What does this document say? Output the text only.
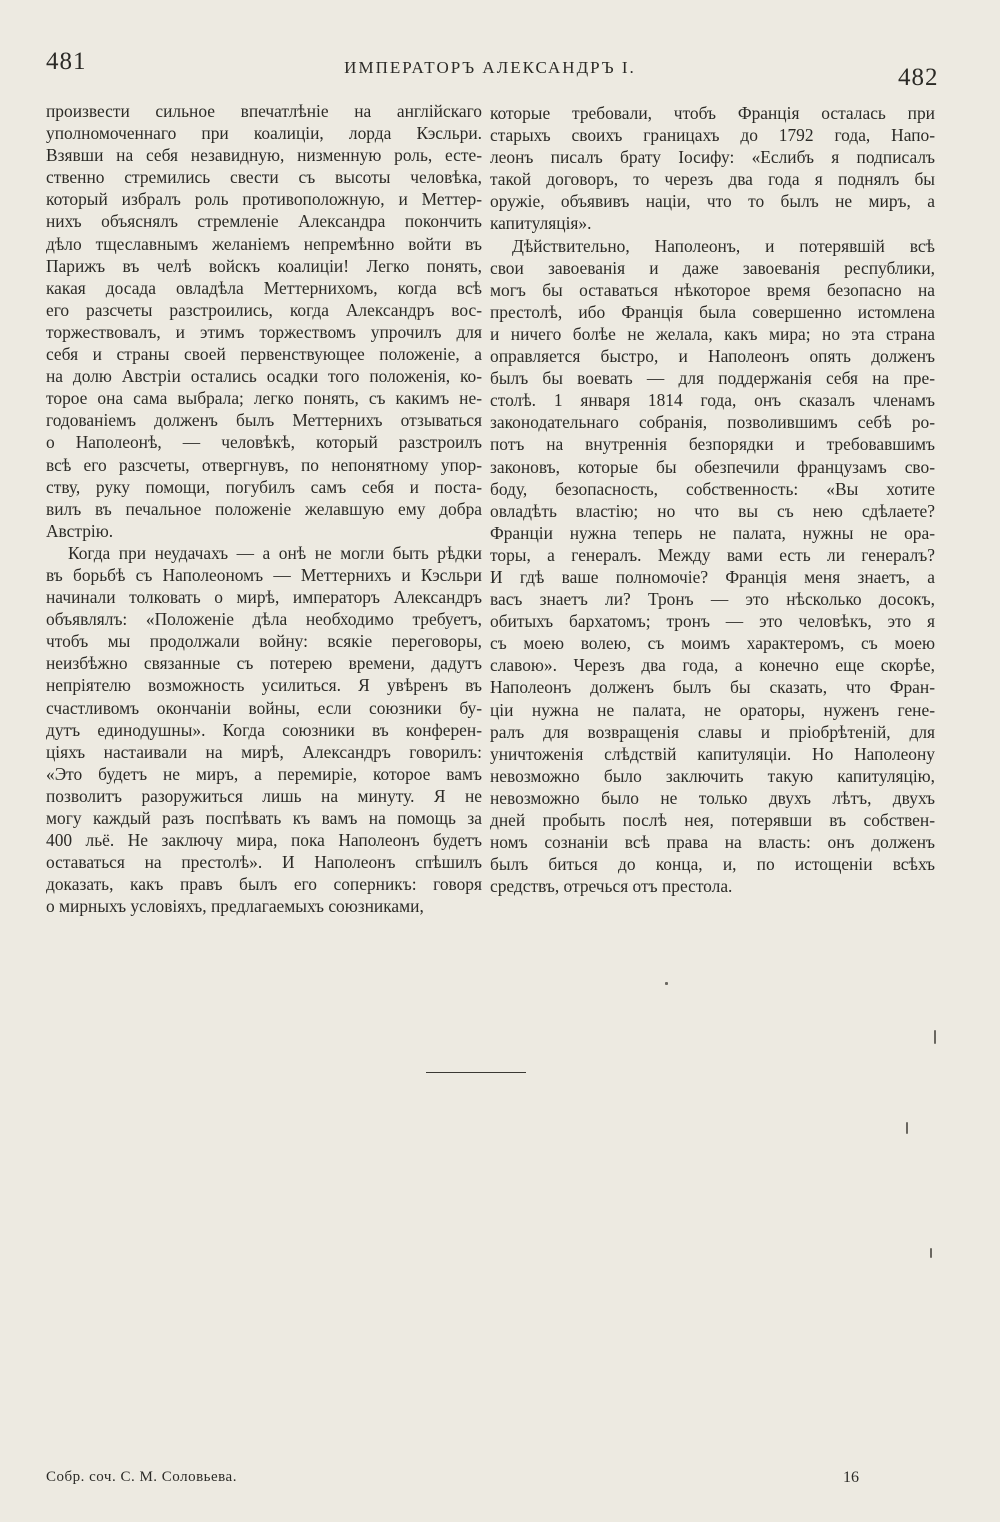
481	ИМПЕРАТОРЪ АЛЕКСАНДРЪ I.	482
произвести сильное впечатлѣніе на англійскаго
уполномоченнаго при коалиціи, лорда Кэсльри.
Взявши на себя незавидную, низменную роль, есте-
ственно стремились свести съ высоты человѣка,
который избралъ роль противоположную, и Меттер-
нихъ объяснялъ стремленіе Александра покончить
дѣло тщеславнымъ желаніемъ непремѣнно войти въ
Парижъ въ челѣ войскъ коалиціи! Легко понять,
какая досада овладѣла Меттернихомъ, когда всѣ
его разсчеты разстроились, когда Александръ вос-
торжествовалъ, и этимъ торжествомъ упрочилъ для
себя и страны своей первенствующее положеніе, а
на долю Австріи остались осадки того положенія, ко-
торое она сама выбрала; легко понять, съ какимъ не-
годованіемъ долженъ былъ Меттернихъ отзываться
о Наполеонѣ, — человѣкѣ, который разстроилъ
всѣ его разсчеты, отвергнувъ, по непонятному упор-
ству, руку помощи, погубилъ самъ себя и поста-
вилъ въ печальное положеніе желавшую ему добра
Австрію.
Когда при неудачахъ — а онѣ не могли быть рѣдки
въ борьбѣ съ Наполеономъ — Меттернихъ и Кэсльри
начинали толковать о мирѣ, императоръ Александръ
объявлялъ: «Положеніе дѣла необходимо требуетъ,
чтобъ мы продолжали войну: всякіе переговоры,
неизбѣжно связанные съ потерею времени, дадутъ
непріятелю возможность усилиться. Я увѣренъ въ
счастливомъ окончаніи войны, если союзники бу-
дутъ единодушны». Когда союзники въ конферен-
ціяхъ настаивали на мирѣ, Александръ говорилъ:
«Это будетъ не миръ, а перемиріе, которое вамъ
позволитъ разоружиться лишь на минуту. Я не
могу каждый разъ поспѣвать къ вамъ на помощь за
400 льё. Не заключу мира, пока Наполеонъ будетъ
оставаться на престолѣ». И Наполеонъ спѣшилъ
доказать, какъ правъ былъ его соперникъ: говоря
о мирныхъ условіяхъ, предлагаемыхъ союзниками,
которые требовали, чтобъ Франція осталась при
старыхъ своихъ границахъ до 1792 года, Напо-
леонъ писалъ брату Іосифу: «Еслибъ я подписалъ
такой договоръ, то черезъ два года я поднялъ бы
оружіе, объявивъ націи, что то былъ не миръ, а
капитуляція».
Дѣйствительно, Наполеонъ, и потерявшій всѣ
свои завоеванія и даже завоеванія республики,
могъ бы оставаться нѣкоторое время безопасно на
престолѣ, ибо Франція была совершенно истомлена
и ничего болѣе не желала, какъ мира; но эта страна
оправляется быстро, и Наполеонъ опять долженъ
былъ бы воевать — для поддержанія себя на пре-
столѣ. 1 января 1814 года, онъ сказалъ членамъ
законодательнаго собранія, позволившимъ себѣ ро-
потъ на внутреннія безпорядки и требовавшимъ
законовъ, которые бы обезпечили французамъ сво-
боду, безопасность, собственность: «Вы хотите
овладѣть властію; но что вы съ нею сдѣлаете?
Франціи нужна теперь не палата, нужны не ора-
торы, а генералъ. Между вами есть ли генералъ?
И гдѣ ваше полномочіе? Франція меня знаетъ, а
васъ знаетъ ли? Тронъ — это нѣсколько досокъ,
обитыхъ бархатомъ; тронъ — это человѣкъ, это я
съ моею волею, съ моимъ характеромъ, съ моею
славою». Черезъ два года, а конечно еще скорѣе,
Наполеонъ долженъ былъ бы сказать, что Фран-
ціи нужна не палата, не ораторы, нуженъ гене-
ралъ для возвращенія славы и пріобрѣтеній, для
уничтоженія слѣдствій капитуляціи. Но Наполеону
невозможно было заключить такую капитуляцію,
невозможно было не только двухъ лѣтъ, двухъ
дней пробыть послѣ нея, потерявши въ собствен-
номъ сознаніи всѣ права на власть: онъ долженъ
былъ биться до конца, и, по истощеніи всѣхъ
средствъ, отречься отъ престола.
Собр. соч. С. М. Соловьева.	16
